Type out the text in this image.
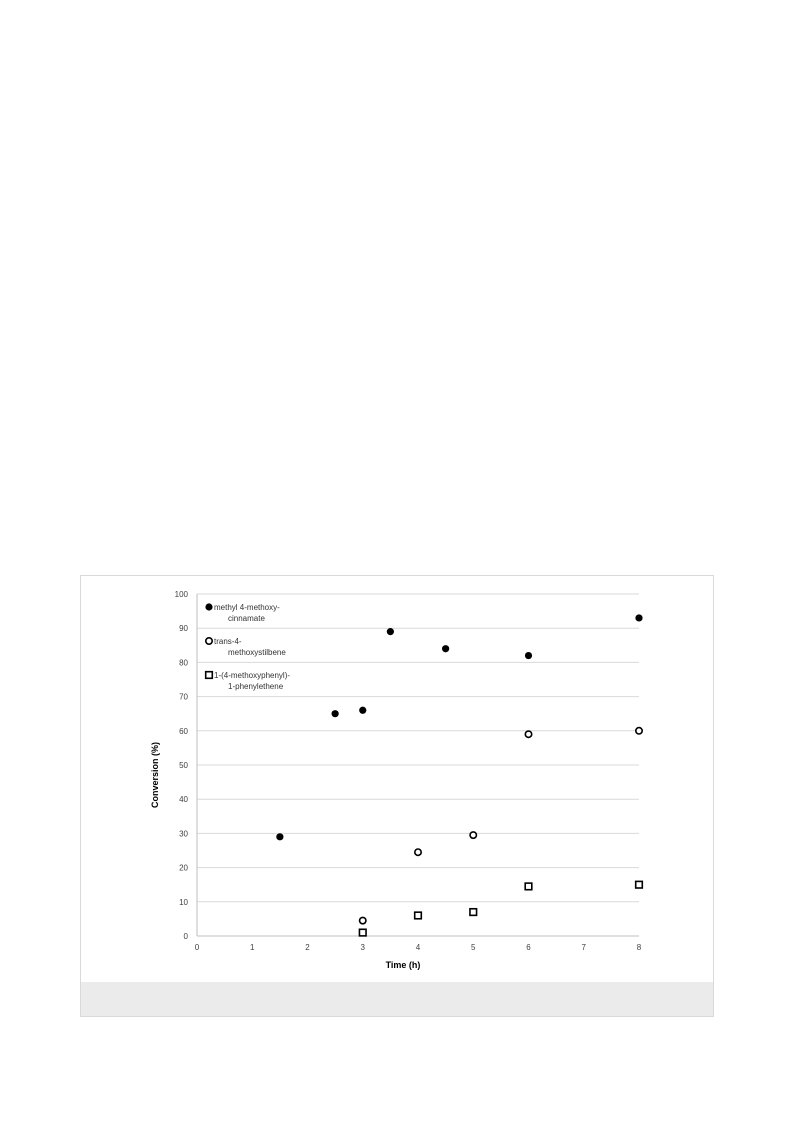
0
10
20
30
40
50
60
70
80
90
100
0	1	2	3	4	5	6	7	8
methyl 4-methoxy-cinnamate
trans-4-methoxystilbene
1-(4-methoxyphenyl)-1-phenylethene
Time (h)
Conversion (%)
